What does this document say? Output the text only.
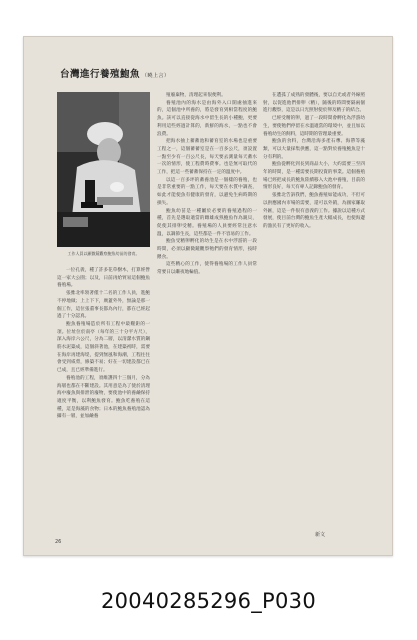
台灣進行養殖鮑魚 （曉上言）
工作人員以顯微鏡觀察鮑魚幼苗的發育。

一位孔義，種了許多花草樹木，打算經營這一家大公園；以及，日前再給貿易這個鮑魚養殖場。

張雅北率領著僅十二名的工作人員，進鮑不停地做；上上下下，廣蓋外外，無論是那一個工作，這位張董事長都為內行，都在已經起過了十分認真。

鮑魚養殖場造於所有工程中最艱鉅的一項。位址位於南亭（每年的三十分平方尺），深入海岸六公尺，分為二層，以清潔水質的鋼筋水泥築成，這個斜著池，在建築初時，需要在海岸再建海堤，提到無風和海潮，工程往往會受到威脅，修築不易；好在一切建設都已在已成，且已經準備進行。

養殖池的工程，須維護四十三個月，分為海層也都在不斷建設。其用意是為了使於清理海中廢魚與排泄的廢物，要使池中的養鹼保持適度平衡，以利鮑魚發育。鮑魚吃養殖在這種，這是海藻的食物；日本的鮑魚養殖池認為攝有一層，並加鹼養

殖廢棄物，清理起來很便利。

養殖池內的海水是由海外入口開處抽進來的，這個池中所養的，將是發育到相當程度的鮑魚。該可以直接從海水中留生長的小種鮑，更要利用這些經過計算的，新鮮的海水，一點也不會浪費。

把海水抽上蓄蓄池和蓄育室的水場也是重要工程之一，這個蓄蓄室是在一百多公尺，須設置一點至少有一百公尺長，每天要去測量每天蓄水一次的情形，使工程費時費事。也是無可取代的工作，把這一些蓄蓄保持在一定的溫度中。

以這一百多坪的蓄養池是一個樣的養殖，也是非常重要的一點工作，每天要在水質中調查，如此才能使魚有健康的發育，以避免生病時期的損失。

鮑魚幼苗是一種屬於必要的養殖過程的一種，首先是選取適當的雌雄成熟鮑魚作為親貝，促使其排卵受精。養殖場的人員要經常注意水溫，以調節生長，這些都是一件不容易的工作。

鮑魚受精卵孵化的幼生是在水中浮游的一段時間，必須以顯微鏡觀察牠們的發育情形，按時餵食。

這些精心的工作，使得養殖場的工作人員常常要日以繼夜地輪值。

在遭孤了成熟的發體後，要以自光或者外線照射，以促進他們排卵（精），隨後的時間要隔兩個進行觀察，這是以日光照射使於卵及精子的結合。

已經受精的卵，過了一段時間會孵化為浮游幼生，要使牠們停留在水溫適當的環境中，並且加以養殖幼生的飼料，這時期的管理最重要。

鮑魚的食料，台灣沿海多產石蓴、海帶等藻類，可以大量採集供應，這一點對於養殖鮑魚是十分有利的。

鮑魚從孵化到長到商品大小，大約需要三至四年的時間，是一種需要長期投資的事業。這個養殖場已經把成長的鮑魚陸續移入大池中養殖，目前的情形良好，每天有專人記錄鮑魚的發育。

張雅北告訴我們，鮑魚養殖如能成功，不但可以供應國內市場的需要，還可以外銷，為國家賺取外匯，這是一件很有意義的工作。據說以這種方式發展，使目前台灣的鮑魚生產大幅成長，也使海邊的漁民有了更好的收入。

新文
26
20040285296_P030
